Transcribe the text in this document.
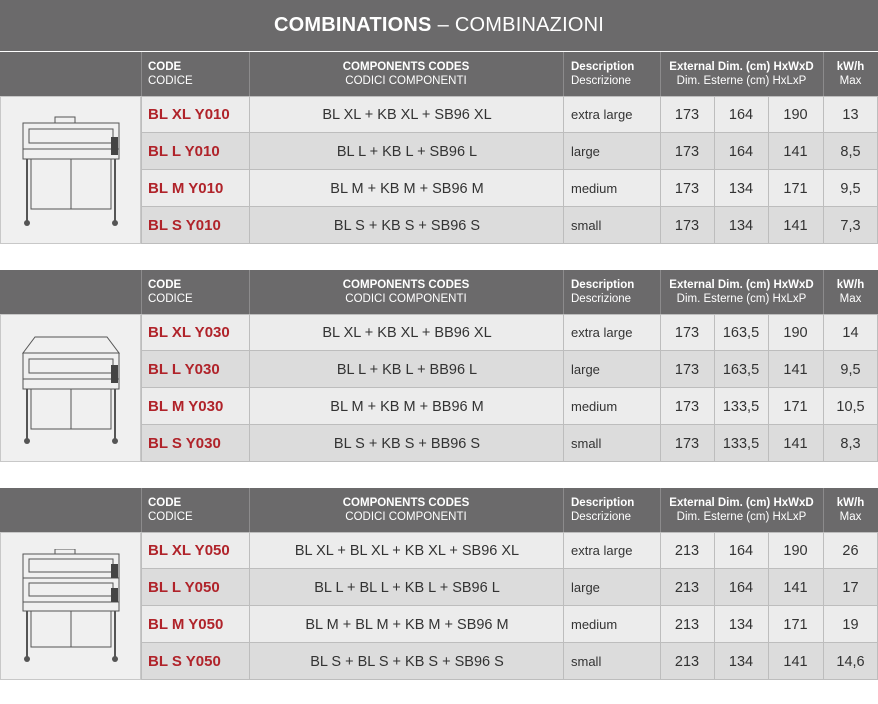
COMBINATIONS – COMBINAZIONI
CODE
CODICE
COMPONENTS CODES
CODICI COMPONENTI
Description
Descrizione
External Dim. (cm) HxWxD
Dim. Esterne (cm) HxLxP
kW/h
Max
BL XL Y010	BL XL + KB XL + SB96 XL	extra large	173	164	190	13
BL L Y010	BL L + KB L + SB96 L	large	173	164	141	8,5
BL M Y010	BL M + KB M + SB96 M	medium	173	134	171	9,5
BL S Y010	BL S + KB S + SB96 S	small	173	134	141	7,3
CODE
CODICE
COMPONENTS CODES
CODICI COMPONENTI
Description
Descrizione
External Dim. (cm) HxWxD
Dim. Esterne (cm) HxLxP
kW/h
Max
BL XL Y030	BL XL + KB XL + BB96 XL	extra large	173	163,5	190	14
BL L Y030	BL L + KB L + BB96 L	large	173	163,5	141	9,5
BL M Y030	BL M + KB M + BB96 M	medium	173	133,5	171	10,5
BL S Y030	BL S + KB S + BB96 S	small	173	133,5	141	8,3
CODE
CODICE
COMPONENTS CODES
CODICI COMPONENTI
Description
Descrizione
External Dim. (cm) HxWxD
Dim. Esterne (cm) HxLxP
kW/h
Max
BL XL Y050	BL XL + BL XL + KB XL + SB96 XL	extra large	213	164	190	26
BL L Y050	BL L + BL L + KB L + SB96 L	large	213	164	141	17
BL M Y050	BL M + BL M + KB M + SB96 M	medium	213	134	171	19
BL S Y050	BL S + BL S + KB S + SB96 S	small	213	134	141	14,6
